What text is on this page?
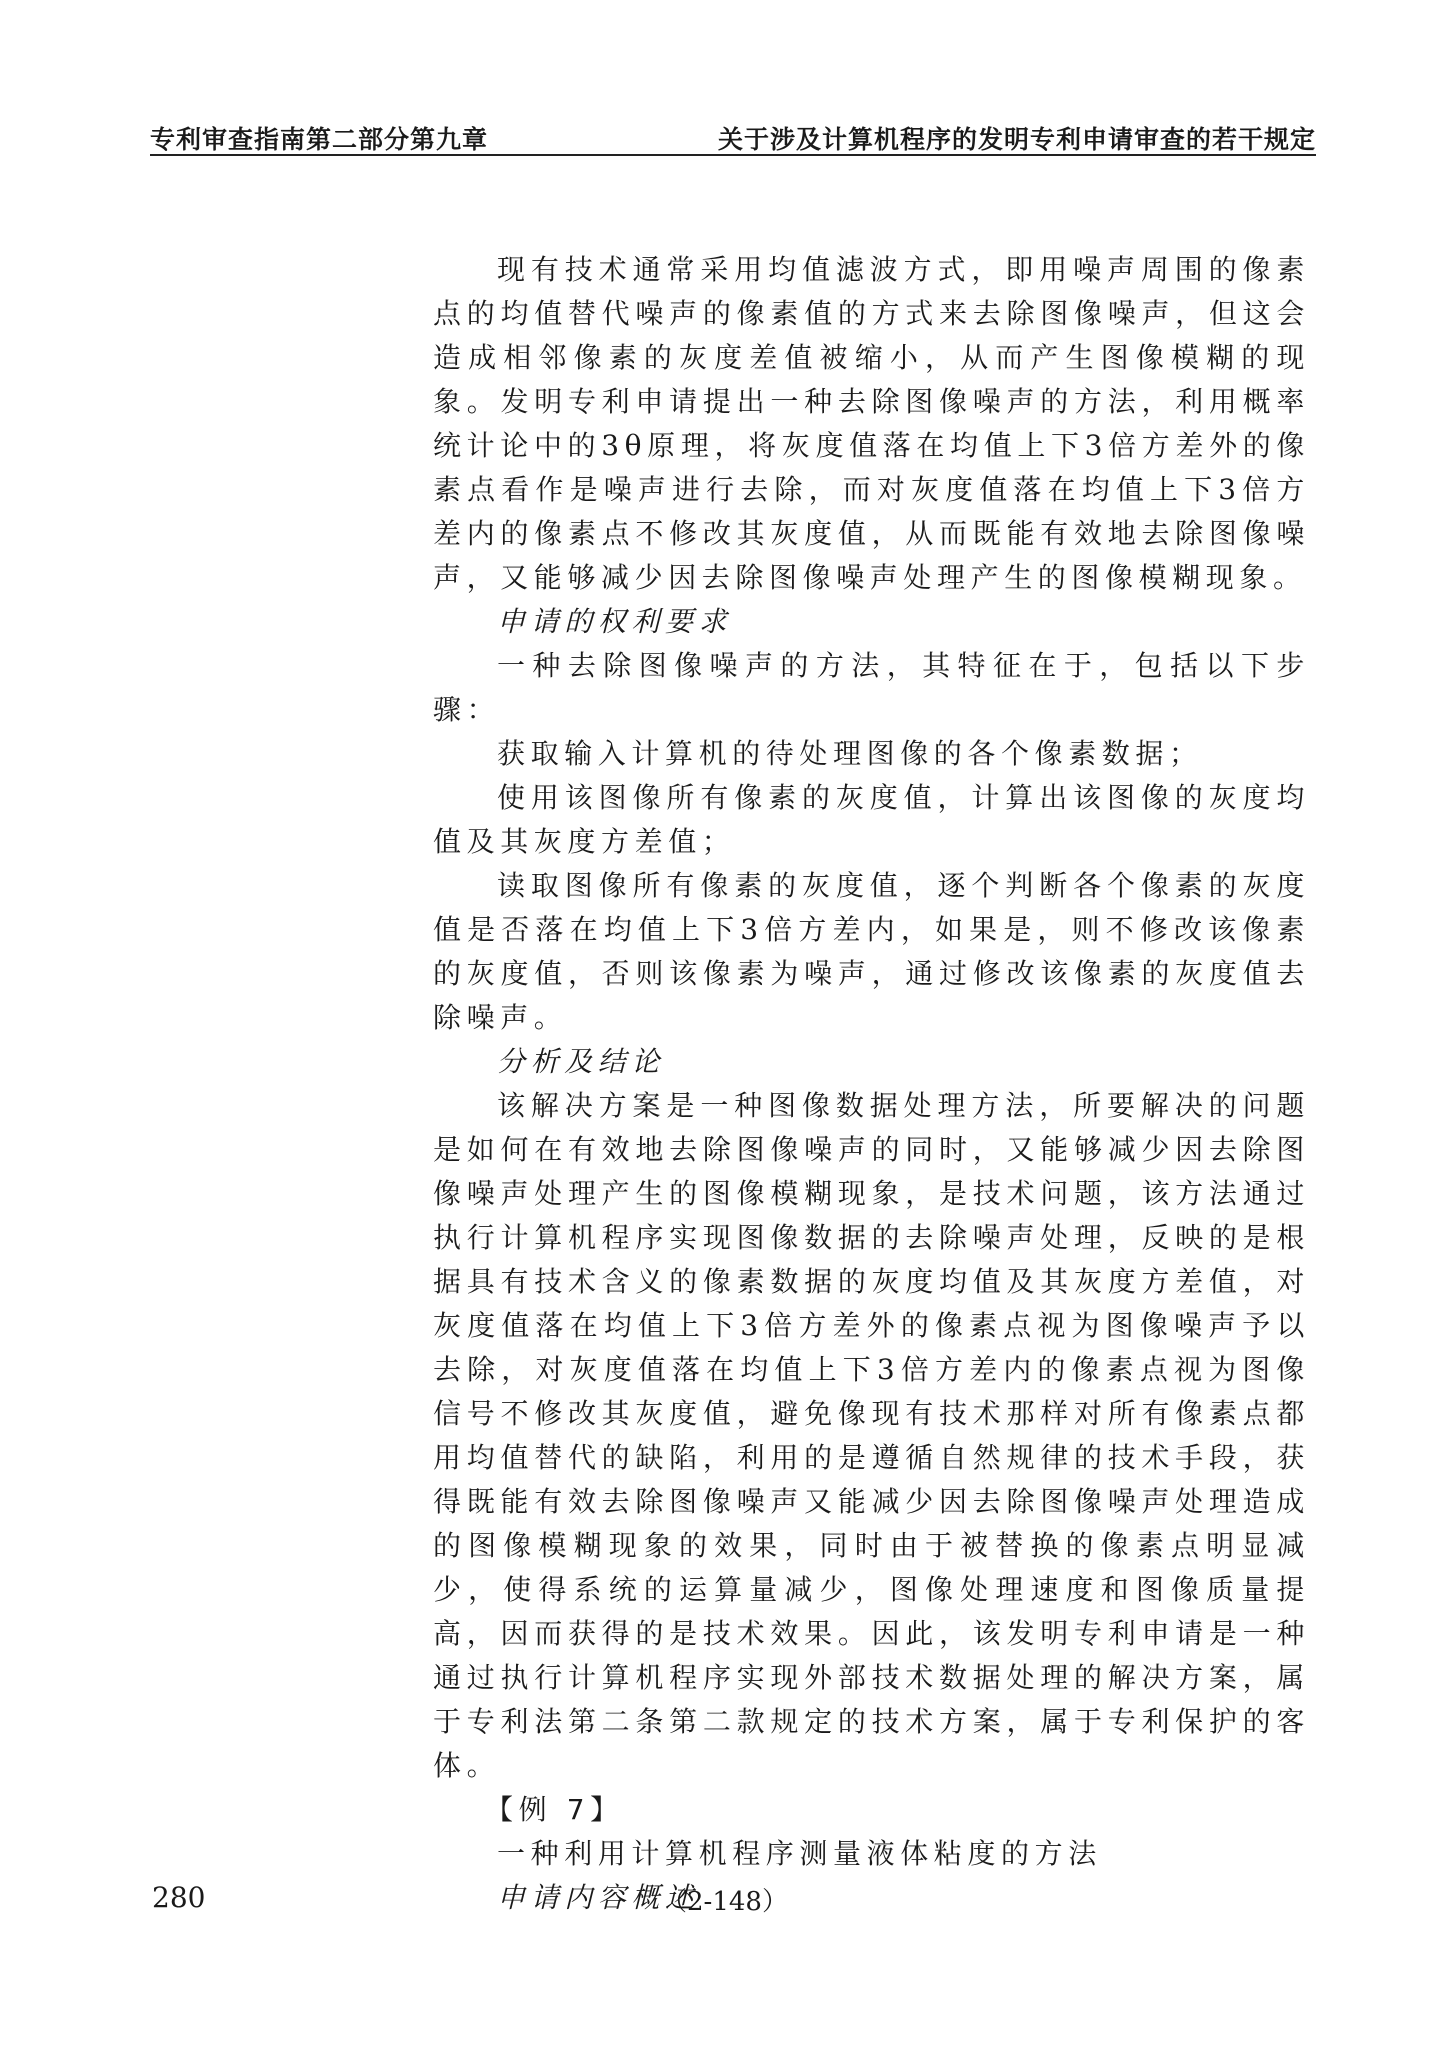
专利审查指南第二部分第九章	关于涉及计算机程序的发明专利申请审查的若干规定

现有技术通常采用均值滤波方式，即用噪声周围的像素点的均值替代噪声的像素值的方式来去除图像噪声，但这会造成相邻像素的灰度差值被缩小，从而产生图像模糊的现象。发明专利申请提出一种去除图像噪声的方法，利用概率统计论中的3θ原理，将灰度值落在均值上下3倍方差外的像素点看作是噪声进行去除，而对灰度值落在均值上下3倍方差内的像素点不修改其灰度值，从而既能有效地去除图像噪声，又能够减少因去除图像噪声处理产生的图像模糊现象。

申请的权利要求

一种去除图像噪声的方法，其特征在于，包括以下步骤：

获取输入计算机的待处理图像的各个像素数据；

使用该图像所有像素的灰度值，计算出该图像的灰度均值及其灰度方差值；

读取图像所有像素的灰度值，逐个判断各个像素的灰度值是否落在均值上下3倍方差内，如果是，则不修改该像素的灰度值，否则该像素为噪声，通过修改该像素的灰度值去除噪声。

分析及结论

该解决方案是一种图像数据处理方法，所要解决的问题是如何在有效地去除图像噪声的同时，又能够减少因去除图像噪声处理产生的图像模糊现象，是技术问题，该方法通过执行计算机程序实现图像数据的去除噪声处理，反映的是根据具有技术含义的像素数据的灰度均值及其灰度方差值，对灰度值落在均值上下3倍方差外的像素点视为图像噪声予以去除，对灰度值落在均值上下3倍方差内的像素点视为图像信号不修改其灰度值，避免像现有技术那样对所有像素点都用均值替代的缺陷，利用的是遵循自然规律的技术手段，获得既能有效去除图像噪声又能减少因去除图像噪声处理造成的图像模糊现象的效果，同时由于被替换的像素点明显减少，使得系统的运算量减少，图像处理速度和图像质量提高，因而获得的是技术效果。因此，该发明专利申请是一种通过执行计算机程序实现外部技术数据处理的解决方案，属于专利法第二条第二款规定的技术方案，属于专利保护的客体。

【例 7】

一种利用计算机程序测量液体粘度的方法

申请内容概述

280	（2-148）
